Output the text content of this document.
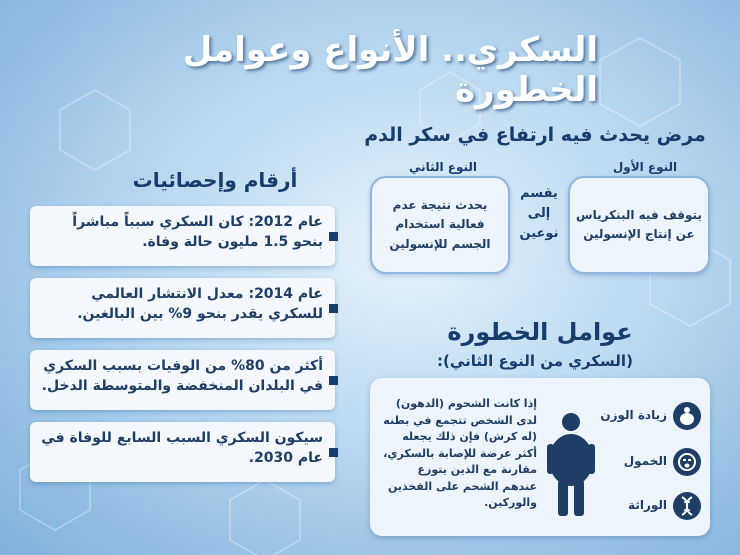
السكري.. الأنواع وعوامل الخطورة
مرض يحدث فيه ارتفاع في سكر الدم
النوع الأول
يتوقف فيه البنكرياس عن إنتاج الإنسولين
يقسم إلى نوعين
النوع الثاني
يحدث نتيجة عدم فعالية استخدام الجسم للإنسولين
أرقام وإحصائيات
عام 2012: كان السكري سبباً مباشراً بنحو 1.5 مليون حالة وفاة.
عام 2014: معدل الانتشار العالمي للسكري يقدر بنحو 9% بين البالغين.
أكثر من 80% من الوفيات بسبب السكري في البلدان المنخفضة والمتوسطة الدخل.
سيكون السكري السبب السابع للوفاة في عام 2030.
عوامل الخطورة
(السكري من النوع الثاني):
إذا كانت الشحوم (الدهون) لدى الشخص تتجمع في بطنه (له كرش) فإن ذلك يجعله أكثر عرضة للإصابة بالسكري، مقارنة مع الذين يتوزع عندهم الشحم على الفخذين والوركين.
زيادة الوزن
الخمول
الوراثة
